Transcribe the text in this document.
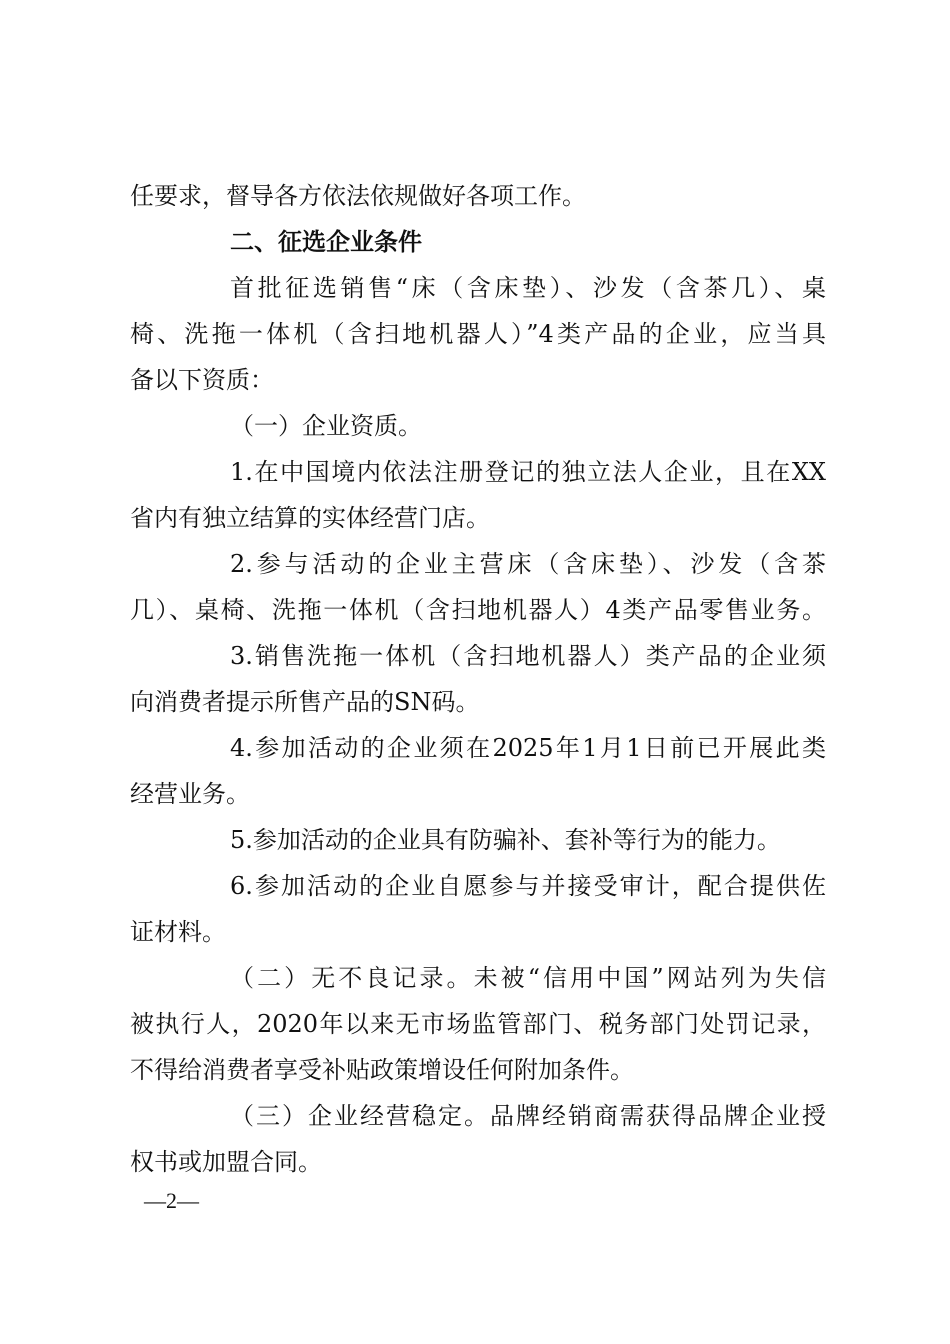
任要求，督导各方依法依规做好各项工作。
二、征选企业条件
首批征选销售“床（含床垫）、沙发（含茶几）、桌
椅、洗拖一体机（含扫地机器人）”4类产品的企业，应当具
备以下资质：
（一）企业资质。
1.在中国境内依法注册登记的独立法人企业，且在XX
省内有独立结算的实体经营门店。
2.参与活动的企业主营床（含床垫）、沙发（含茶
几）、桌椅、洗拖一体机（含扫地机器人）4类产品零售业务。
3.销售洗拖一体机（含扫地机器人）类产品的企业须
向消费者提示所售产品的SN码。
4.参加活动的企业须在2025年1月1日前已开展此类
经营业务。
5.参加活动的企业具有防骗补、套补等行为的能力。
6.参加活动的企业自愿参与并接受审计，配合提供佐
证材料。
（二）无不良记录。未被“信用中国”网站列为失信
被执行人，2020年以来无市场监管部门、税务部门处罚记录，
不得给消费者享受补贴政策增设任何附加条件。
（三）企业经营稳定。品牌经销商需获得品牌企业授
权书或加盟合同。
—2—
